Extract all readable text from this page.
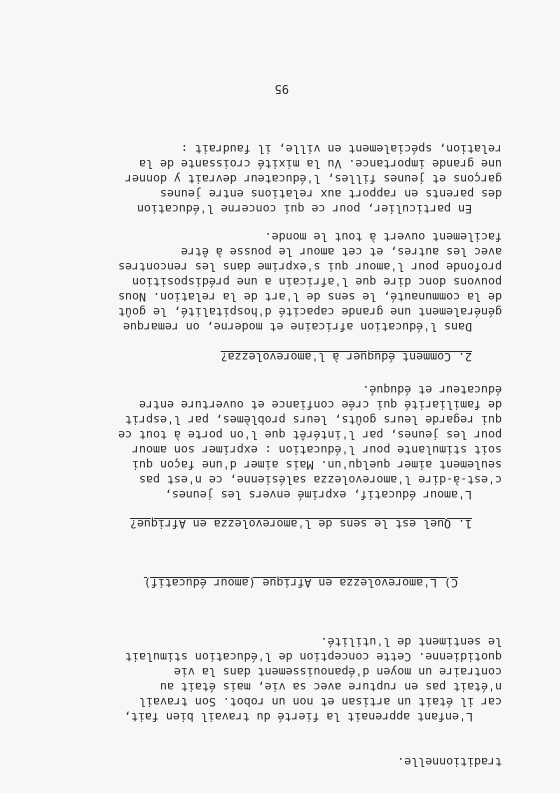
traditionnelle.
L'enfant apprenait la fierté du travail bien fait,
car il était un artisan et non un robot. Son travail
n'était pas en rupture avec sa vie, mais était au
contraire un moyen d'épanouissement dans la vie
quotidienne. Cette conception de l'éducation stimulait
le sentiment de l'utilité.
C) L'amorevolezza en Afrique (amour éducatif)
1. Quel est le sens de l'amorevolezza en Afrique?
L'amour éducatif, exprimé envers les jeunes,
c'est-à-dire l'amorevolezza salésienne, ce n'est pas
seulement aimer quelqu'un. Mais aimer d'une façon qui
soit stimulante pour l'éducation : exprimer son amour
pour les jeunes, par l'intérêt que l'on porte à tout ce
qui regarde leurs goûts, leurs problèmes, par l'esprit
de familiarité qui crée confiance et ouverture entre
éducateur et éduqué.
2. Comment éduquer à l'amorevolezza?
Dans l'éducation africaine et moderne, on remarque
généralement une grande capacité d'hospitalité, le goût
de la communauté, le sens de l'art de la relation. Nous
pouvons donc dire que l'africain a une prédisposition
profonde pour l'amour qui s'exprime dans les rencontres
avec les autres, et cet amour le pousse à être
facilement ouvert à tout le monde.
En particulier, pour ce qui concerne l'éducation
des parents en rapport aux relations entre jeunes
garçons et jeunes filles, l'éducateur devrait y donner
une grande importance. Vu la mixité croissante de la
relation, spécialement en ville, il faudrait :
95
